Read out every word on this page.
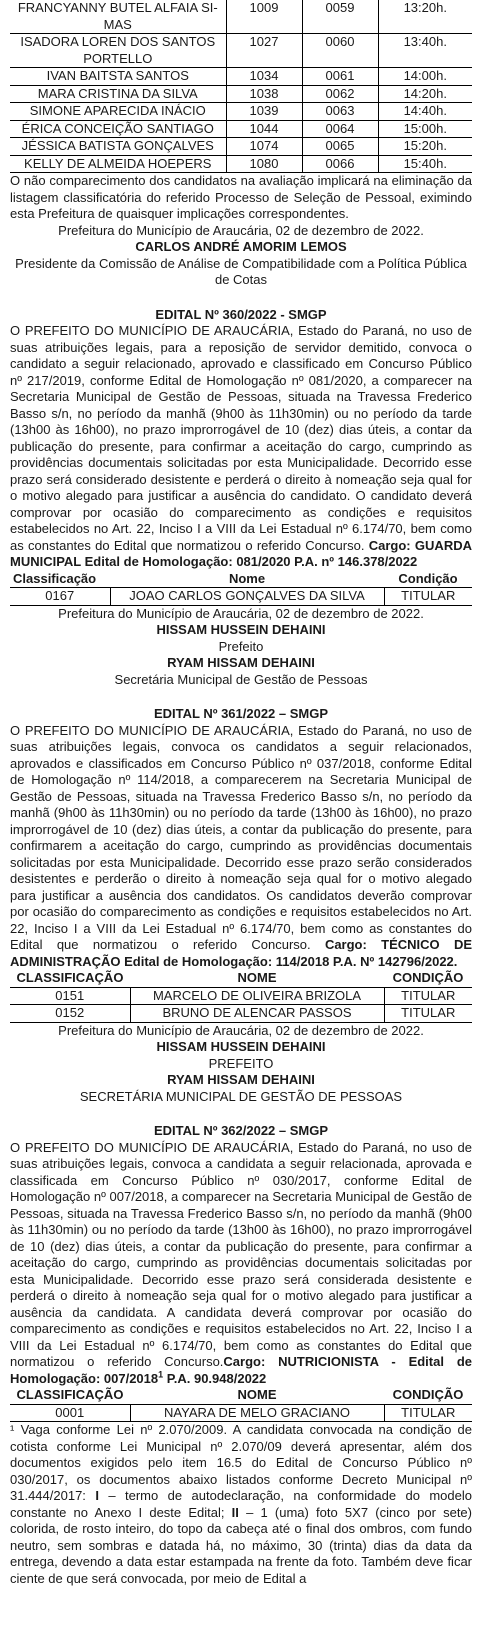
FRANCYANNY BUTEL ALFAIA SI-MAS	1009	0059	13:20h.
ISADORA LOREN DOS SANTOS PORTELLO	1027	0060	13:40h.
IVAN BAITSTA SANTOS	1034	0061	14:00h.
MARA CRISTINA DA SILVA	1038	0062	14:20h.
SIMONE APARECIDA INÁCIO	1039	0063	14:40h.
ÉRICA CONCEIÇÃO SANTIAGO	1044	0064	15:00h.
JÉSSICA BATISTA GONÇALVES	1074	0065	15:20h.
KELLY DE ALMEIDA HOEPERS	1080	0066	15:40h.

O não comparecimento dos candidatos na avaliação implicará na eliminação da listagem classificatória do referido Processo de Seleção de Pessoal, eximindo esta Prefeitura de quaisquer implicações correspondentes.

Prefeitura do Município de Araucária, 02 de dezembro de 2022.

CARLOS ANDRÉ AMORIM LEMOS

Presidente da Comissão de Análise de Compatibilidade com a Política Pública de Cotas

EDITAL Nº 360/2022 - SMGP

O PREFEITO DO MUNICÍPIO DE ARAUCÁRIA, Estado do Paraná, no uso de suas atribuições legais, para a reposição de servidor demitido, convoca o candidato a seguir relacionado, aprovado e classificado em Concurso Público nº 217/2019, conforme Edital de Homologação nº 081/2020, a comparecer na Secretaria Municipal de Gestão de Pessoas, situada na Travessa Frederico Basso s/n, no período da manhã (9h00 às 11h30min) ou no período da tarde (13h00 às 16h00), no prazo improrrogável de 10 (dez) dias úteis, a contar da publicação do presente, para confirmar a aceitação do cargo, cumprindo as providências documentais solicitadas por esta Municipalidade. Decorrido esse prazo será considerado desistente e perderá o direito à nomeação seja qual for o motivo alegado para justificar a ausência do candidato. O candidato deverá comprovar por ocasião do comparecimento as condições e requisitos estabelecidos no Art. 22, Inciso I a VIII da Lei Estadual nº 6.174/70, bem como as constantes do Edital que normatizou o referido Concurso. Cargo: GUARDA MUNICIPAL Edital de Homologação: 081/2020 P.A. nº 146.378/2022

Classificação	Nome	Condição
0167	JOAO CARLOS GONÇALVES DA SILVA	TITULAR

Prefeitura do Município de Araucária, 02 de dezembro de 2022.

HISSAM HUSSEIN DEHAINI

Prefeito

RYAM HISSAM DEHAINI

Secretária Municipal de Gestão de Pessoas

EDITAL Nº 361/2022 – SMGP

O PREFEITO DO MUNICÍPIO DE ARAUCÁRIA, Estado do Paraná, no uso de suas atribuições legais, convoca os candidatos a seguir relacionados, aprovados e classificados em Concurso Público nº 037/2018, conforme Edital de Homologação nº 114/2018, a comparecerem na Secretaria Municipal de Gestão de Pessoas, situada na Travessa Frederico Basso s/n, no período da manhã (9h00 às 11h30min) ou no período da tarde (13h00 às 16h00), no prazo improrrogável de 10 (dez) dias úteis, a contar da publicação do presente, para confirmarem a aceitação do cargo, cumprindo as providências documentais solicitadas por esta Municipalidade. Decorrido esse prazo serão considerados desistentes e perderão o direito à nomeação seja qual for o motivo alegado para justificar a ausência dos candidatos. Os candidatos deverão comprovar por ocasião do comparecimento as condições e requisitos estabelecidos no Art. 22, Inciso I a VIII da Lei Estadual nº 6.174/70, bem como as constantes do Edital que normatizou o referido Concurso. Cargo: TÉCNICO DE ADMINISTRAÇÃO Edital de Homologação: 114/2018 P.A. Nº 142796/2022.

CLASSIFICAÇÃO	NOME	CONDIÇÃO
0151	MARCELO DE OLIVEIRA BRIZOLA	TITULAR
0152	BRUNO DE ALENCAR PASSOS	TITULAR

Prefeitura do Município de Araucária, 02 de dezembro de 2022.

HISSAM HUSSEIN DEHAINI

PREFEITO

RYAM HISSAM DEHAINI

SECRETÁRIA MUNICIPAL DE GESTÃO DE PESSOAS

EDITAL Nº 362/2022 – SMGP

O PREFEITO DO MUNICÍPIO DE ARAUCÁRIA, Estado do Paraná, no uso de suas atribuições legais, convoca a candidata a seguir relacionada, aprovada e classificada em Concurso Público nº 030/2017, conforme Edital de Homologação nº 007/2018, a comparecer na Secretaria Municipal de Gestão de Pessoas, situada na Travessa Frederico Basso s/n, no período da manhã (9h00 às 11h30min) ou no período da tarde (13h00 às 16h00), no prazo improrrogável de 10 (dez) dias úteis, a contar da publicação do presente, para confirmar a aceitação do cargo, cumprindo as providências documentais solicitadas por esta Municipalidade. Decorrido esse prazo será considerada desistente e perderá o direito à nomeação seja qual for o motivo alegado para justificar a ausência da candidata. A candidata deverá comprovar por ocasião do comparecimento as condições e requisitos estabelecidos no Art. 22, Inciso I a VIII da Lei Estadual nº 6.174/70, bem como as constantes do Edital que normatizou o referido Concurso.Cargo: NUTRICIONISTA - Edital de Homologação: 007/2018$^1$ P.A. 90.948/2022

CLASSIFICAÇÃO	NOME	CONDIÇÃO
0001	NAYARA DE MELO GRACIANO	TITULAR

¹ Vaga conforme Lei nº 2.070/2009. A candidata convocada na condição de cotista conforme Lei Municipal nº 2.070/09 deverá apresentar, além dos documentos exigidos pelo item 16.5 do Edital de Concurso Público nº 030/2017, os documentos abaixo listados conforme Decreto Municipal nº 31.444/2017: I – termo de autodeclaração, na conformidade do modelo constante no Anexo I deste Edital; II – 1 (uma) foto 5X7 (cinco por sete) colorida, de rosto inteiro, do topo da cabeça até o final dos ombros, com fundo neutro, sem sombras e datada há, no máximo, 30 (trinta) dias da data da entrega, devendo a data estar estampada na frente da foto. Também deve ficar ciente de que será convocada, por meio de Edital a
